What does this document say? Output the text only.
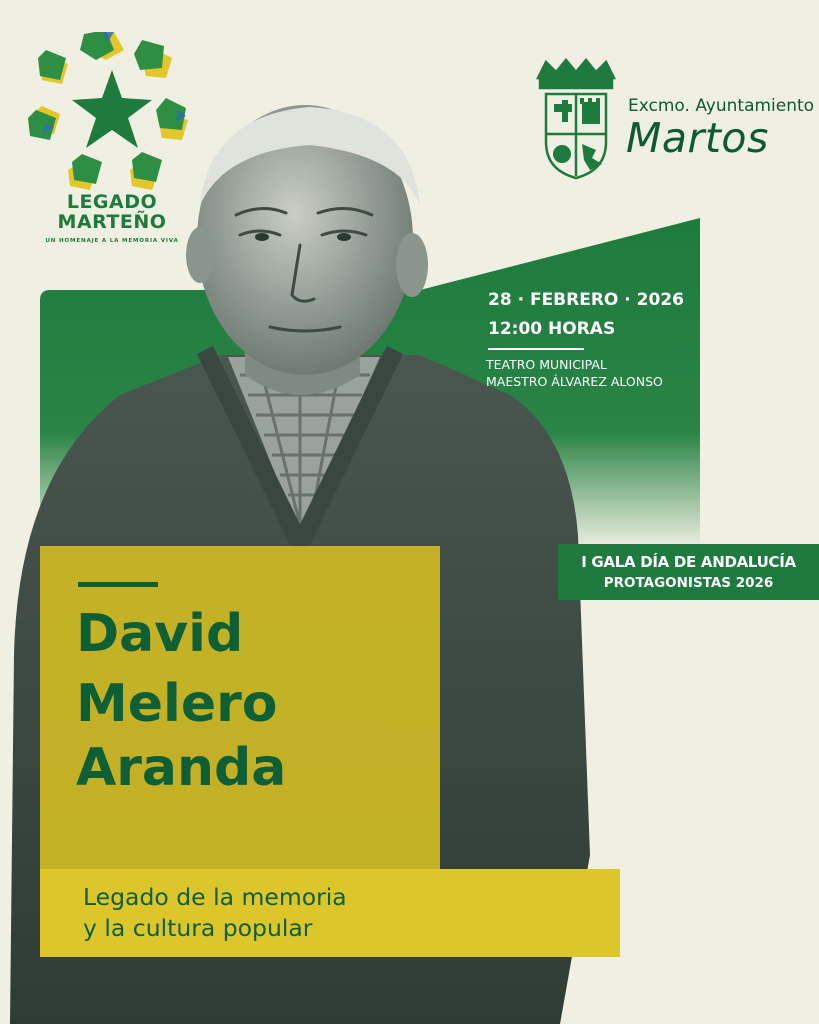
LEGADO
MARTEÑO
UN HOMENAJE A LA MEMORIA VIVA
Excmo. Ayuntamiento
Martos
28 · FEBRERO · 2026
12:00 HORAS
TEATRO MUNICIPAL
MAESTRO ÁLVAREZ ALONSO
I GALA DÍA DE ANDALUCÍA
PROTAGONISTAS 2026
David
Melero
Aranda
Legado de la memoria
y la cultura popular
